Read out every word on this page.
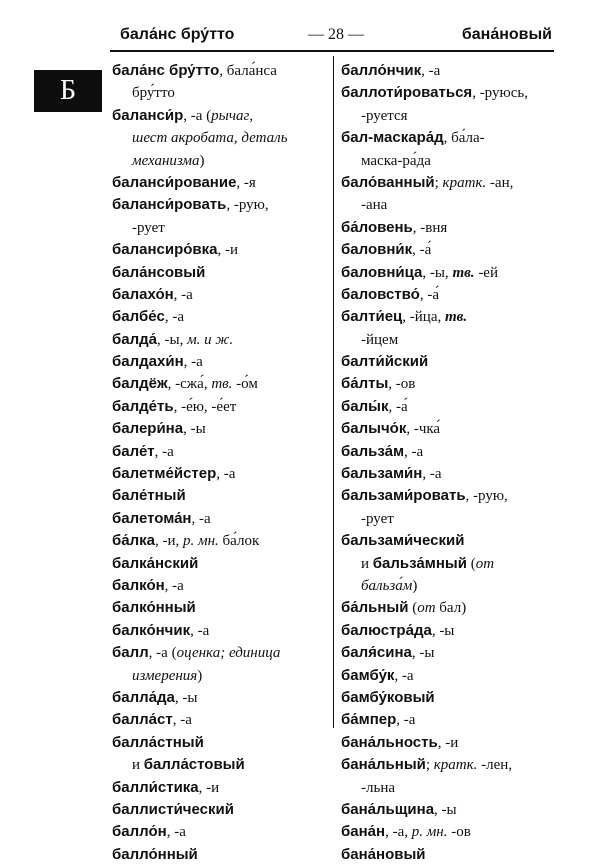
бала́нс бру́тто	— 28 —	бана́новый
Б
бала́нс бру́тто, бала́нса
бру́тто
баланси́р, -а (рычаг,
шест акробата, деталь
механизма)
баланси́рование, -я
баланси́ровать, -рую,
-рует
балансиро́вка, -и
бала́нсовый
балахо́н, -а
балбе́с, -а
балда́, -ы, м. и ж.
балдахи́н, -а
балдёж, -сжа́, тв. -о́м
балде́ть, -е́ю, -е́ет
балери́на, -ы
бале́т, -а
балетме́йстер, -а
бале́тный
балетома́н, -а
ба́лка, -и, р. мн. ба́лок
балка́нский
балко́н, -а
балко́нный
балко́нчик, -а
балл, -а (оценка; единица
измерения)
балла́да, -ы
балла́ст, -а
балла́стный
и балла́стовый
балли́стика, -и
баллисти́ческий
балло́н, -а
балло́нный
балло́нчик, -а
баллоти́роваться, -руюсь,
-руется
бал-маскара́д, ба́ла-
маска-ра́да
бало́ванный; кратк. -ан,
-ана
ба́ловень, -вня
баловни́к, -а́
баловни́ца, -ы, тв. -ей
баловство́, -а́
балти́ец, -йца, тв.
-йцем
балти́йский
ба́лты, -ов
балы́к, -а́
балычо́к, -чка́
бальза́м, -а
бальзами́н, -а
бальзами́ровать, -рую,
-рует
бальзами́ческий
и бальза́мный (от
бальза́м)
ба́льный (от бал)
балюстра́да, -ы
баля́сина, -ы
бамбу́к, -а
бамбу́ковый
ба́мпер, -а
бана́льность, -и
бана́льный; кратк. -лен,
-льна
бана́льщина, -ы
бана́н, -а, р. мн. -ов
бана́новый
